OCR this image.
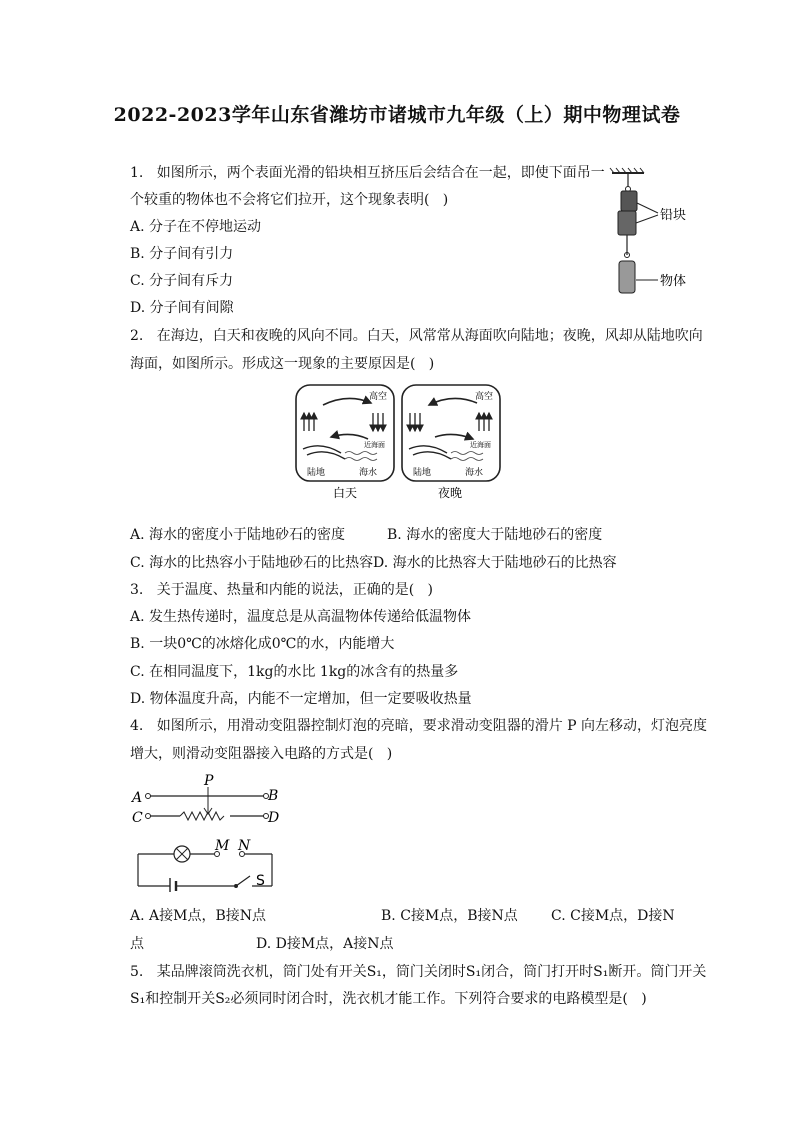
2022-2023学年山东省潍坊市诸城市九年级（上）期中物理试卷
1.   如图所示，两个表面光滑的铅块相互挤压后会结合在一起，即使下面吊一
个较重的物体也不会将它们拉开，这个现象表明(   )
A. 分子在不停地运动
B. 分子间有引力
C. 分子间有斥力
D. 分子间有间隙
铅块
物体
2.   在海边，白天和夜晚的风向不同。白天，风常常从海面吹向陆地；夜晚，风却从陆地吹向
海面，如图所示。形成这一现象的主要原因是(   )
高空
近海面
陆地	海水
高空
近海面
陆地	海水
白天	夜晚
A. 海水的密度小于陆地砂石的密度	B. 海水的密度大于陆地砂石的密度
C. 海水的比热容小于陆地砂石的比热容 D. 海水的比热容大于陆地砂石的比热容
3.   关于温度、热量和内能的说法，正确的是(   )
A. 发生热传递时，温度总是从高温物体传递给低温物体
B. 一块0℃的冰熔化成0℃的水，内能增大
C. 在相同温度下，1kg的水比 1kg的冰含有的热量多
D. 物体温度升高，内能不一定增加，但一定要吸收热量
4.   如图所示，用滑动变阻器控制灯泡的亮暗，要求滑动变阻器的滑片 P 向左移动，灯泡亮度
增大，则滑动变阻器接入电路的方式是(   )
P
A	B
C	D
M N
S
A. A接M点，B接N点	B. C接M点，B接N点 C. C接M点，D接N
点	D. D接M点，A接N点
5.   某品牌滚筒洗衣机，筒门处有开关S₁，筒门关闭时S₁闭合，筒门打开时S₁断开。筒门开关
S₁和控制开关S₂必须同时闭合时，洗衣机才能工作。下列符合要求的电路模型是(   )
